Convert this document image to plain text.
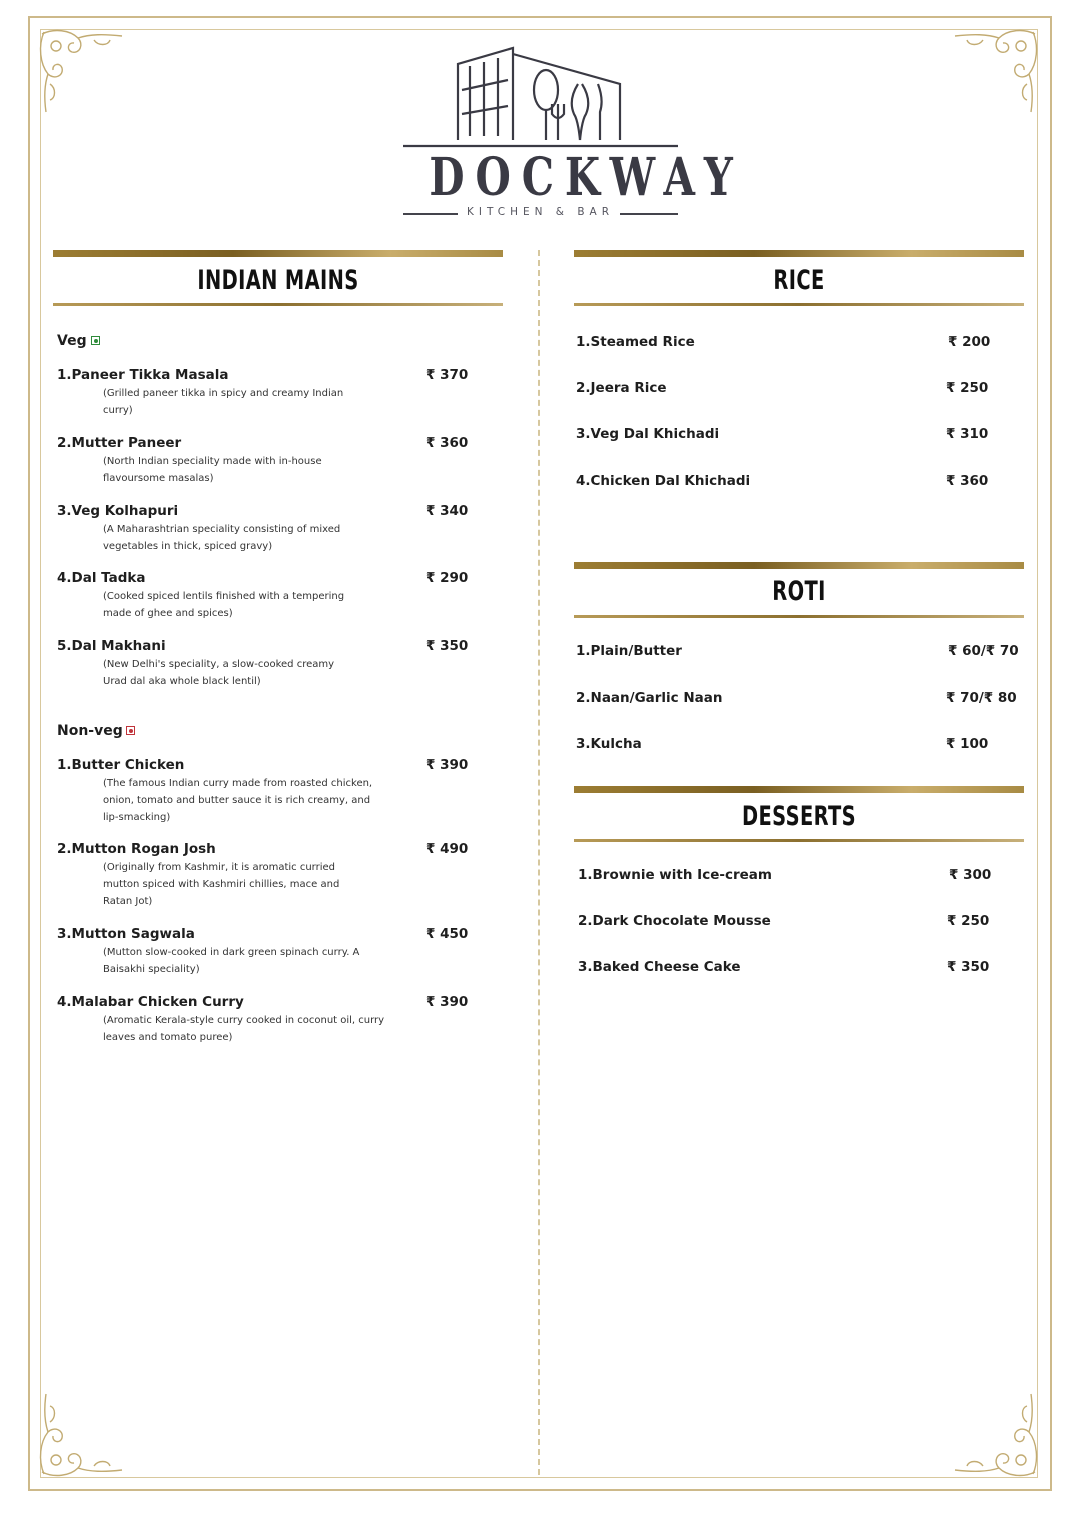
DOCKWAY
KITCHEN & BAR
INDIAN MAINS
Veg
1.Paneer Tikka Masala	₹ 370
(Grilled paneer tikka in spicy and creamy Indian curry)
2.Mutter Paneer	₹ 360
(North Indian speciality made with in-house flavoursome masalas)
3.Veg Kolhapuri	₹ 340
(A Maharashtrian speciality consisting of mixed vegetables in thick, spiced gravy)
4.Dal Tadka	₹ 290
(Cooked spiced lentils finished with a tempering made of ghee and spices)
5.Dal Makhani	₹ 350
(New Delhi's speciality, a slow-cooked creamy Urad dal aka whole black lentil)
Non-veg
1.Butter Chicken	₹ 390
(The famous Indian curry made from roasted chicken, onion, tomato and butter sauce it is rich creamy, and lip-smacking)
2.Mutton Rogan Josh	₹ 490
(Originally from Kashmir, it is aromatic curried mutton spiced with Kashmiri chillies, mace and Ratan Jot)
3.Mutton Sagwala	₹ 450
(Mutton slow-cooked in dark green spinach curry. A Baisakhi speciality)
4.Malabar Chicken Curry	₹ 390
(Aromatic Kerala-style curry cooked in coconut oil, curry leaves and tomato puree)
RICE
1.Steamed Rice	₹ 200
2.Jeera Rice	₹ 250
3.Veg Dal Khichadi	₹ 310
4.Chicken Dal Khichadi	₹ 360
ROTI
1.Plain/Butter	₹ 60/₹ 70
2.Naan/Garlic Naan	₹ 70/₹ 80
3.Kulcha	₹ 100
DESSERTS
1.Brownie with Ice-cream	₹ 300
2.Dark Chocolate Mousse	₹ 250
3.Baked Cheese Cake	₹ 350
